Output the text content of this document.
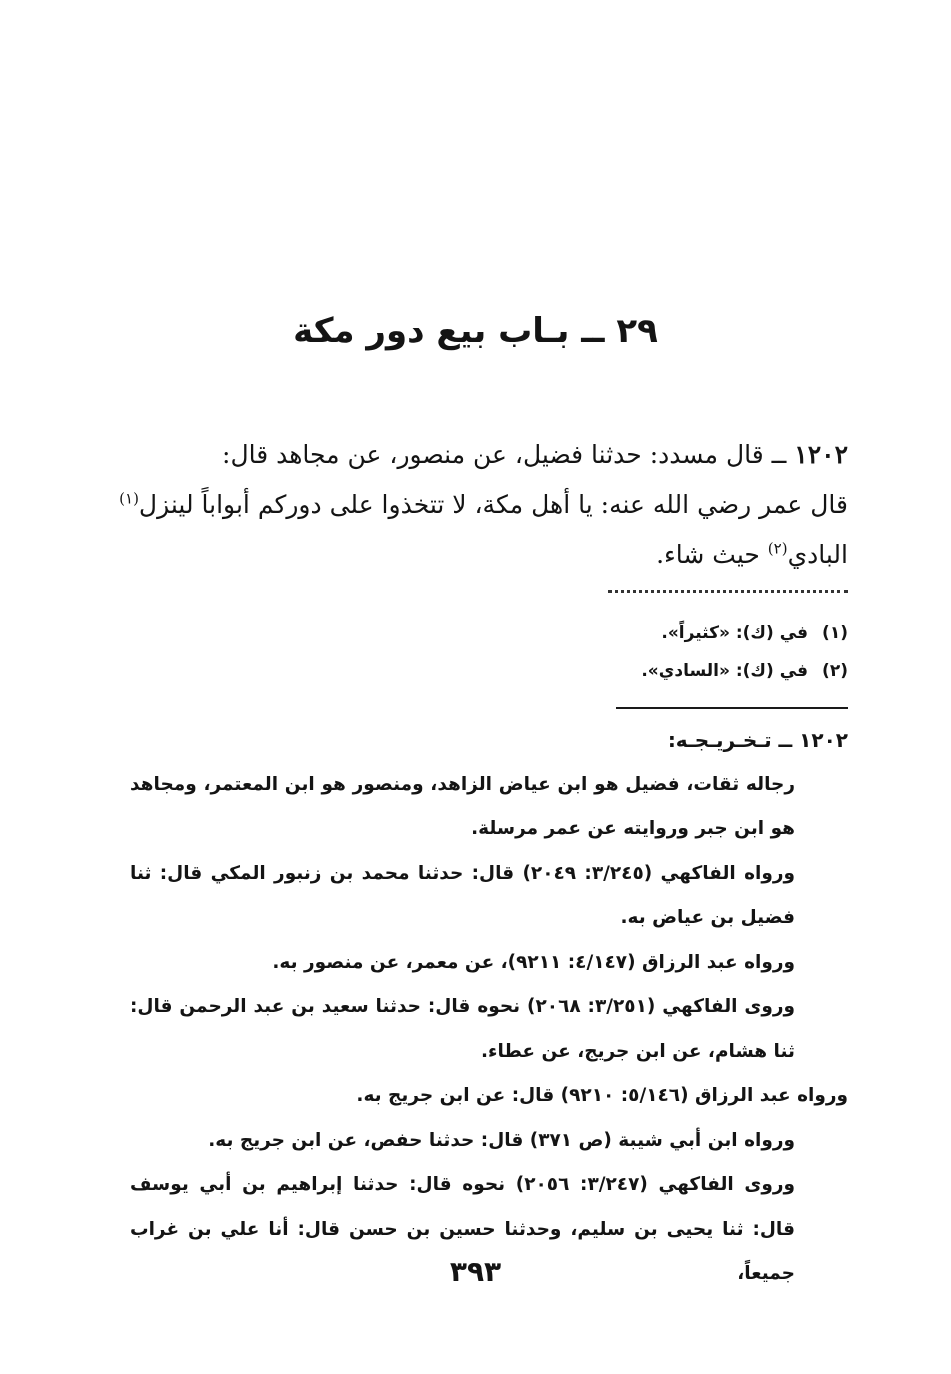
٢٩ ــ بـاب بيع دور مكة
١٢٠٢ ــ قال مسدد: حدثنا فضيل، عن منصور، عن مجاهد قال:
قال عمر رضي الله عنه: يا أهل مكة، لا تتخذوا على دوركم أبواباً لينزل$^{(١)}$
البادي$^{(٢)}$ حيث شاء.
(١)في (ك): «كثيراً».
(٢)في (ك): «السادي».
١٢٠٢ ــ تـخـريـجـه:

رجاله ثقات، فضيل هو ابن عياض الزاهد، ومنصور هو ابن المعتمر، ومجاهد هو ابن جبر وروايته عن عمر مرسلة.

ورواه الفاكهي (٣/٢٤٥: ٢٠٤٩) قال: حدثنا محمد بن زنبور المكي قال: ثنا فضيل بن عياض به.

ورواه عبد الرزاق (٤/١٤٧: ٩٢١١)، عن معمر، عن منصور به.

وروى الفاكهي (٣/٢٥١: ٢٠٦٨) نحوه قال: حدثنا سعيد بن عبد الرحمن قال: ثنا هشام، عن ابن جريج، عن عطاء.

ورواه عبد الرزاق (٥/١٤٦: ٩٢١٠) قال: عن ابن جريج به.

ورواه ابن أبي شيبة (ص ٣٧١) قال: حدثنا حفص، عن ابن جريج به.

وروى الفاكهي (٣/٢٤٧: ٢٠٥٦) نحوه قال: حدثنا إبراهيم بن أبي يوسف قال: ثنا يحيى بن سليم، وحدثنا حسين بن حسن قال: أنا علي بن غراب جميعاً،

٣٩٣
